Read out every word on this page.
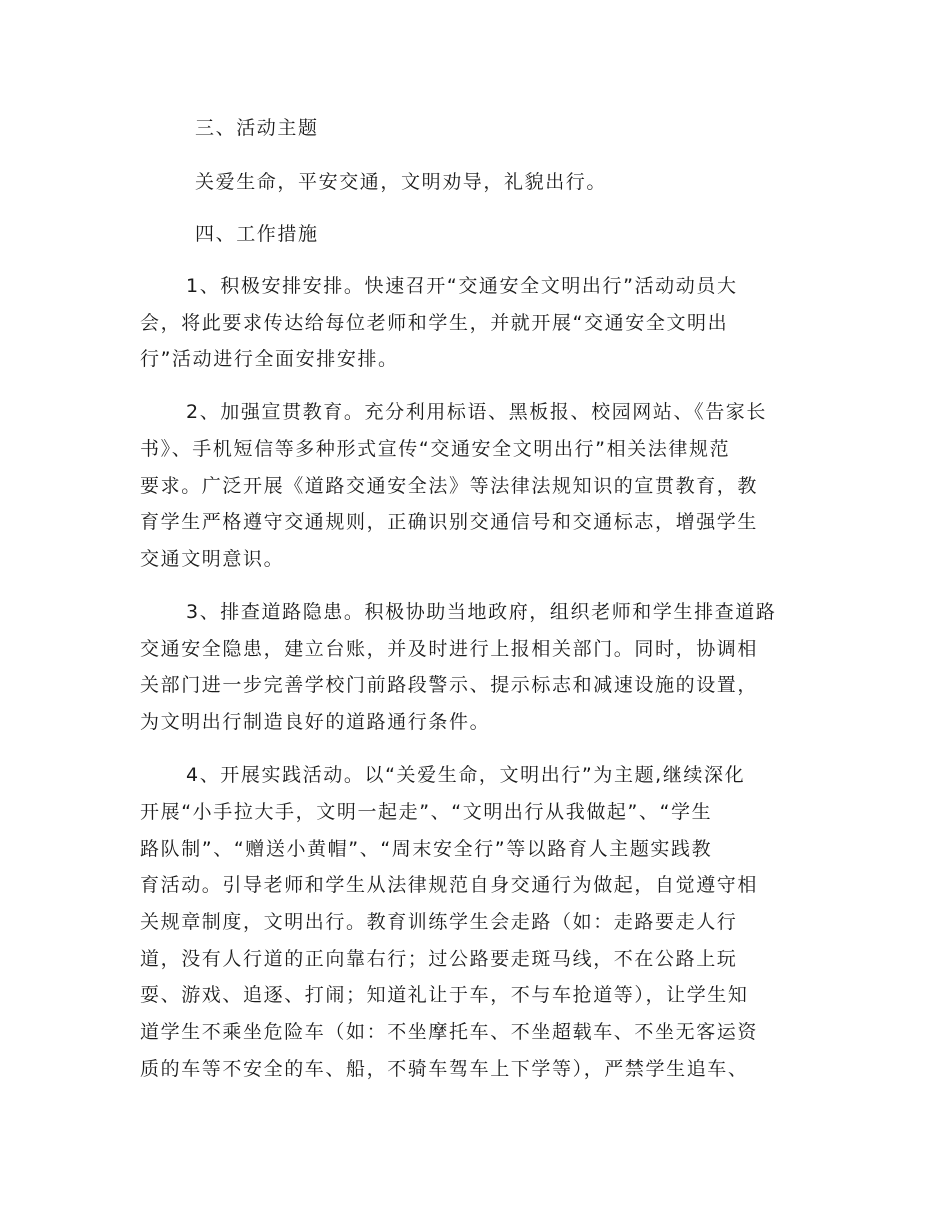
三、活动主题
关爱生命，平安交通，文明劝导，礼貌出行。
四、工作措施
1、积极安排安排。快速召开“交通安全文明出行”活动动员大
会，将此要求传达给每位老师和学生，并就开展“交通安全文明出
行”活动进行全面安排安排。
2、加强宣贯教育。充分利用标语、黑板报、校园网站、《告家长
书》、手机短信等多种形式宣传“交通安全文明出行”相关法律规范
要求。广泛开展《道路交通安全法》等法律法规知识的宣贯教育，教
育学生严格遵守交通规则，正确识别交通信号和交通标志，增强学生
交通文明意识。
3、排查道路隐患。积极协助当地政府，组织老师和学生排查道路
交通安全隐患，建立台账，并及时进行上报相关部门。同时，协调相
关部门进一步完善学校门前路段警示、提示标志和减速设施的设置，
为文明出行制造良好的道路通行条件。
4、开展实践活动。以“关爱生命，文明出行”为主题,继续深化
开展“小手拉大手，文明一起走”、“文明出行从我做起”、“学生
路队制”、“赠送小黄帽”、“周末安全行”等以路育人主题实践教
育活动。引导老师和学生从法律规范自身交通行为做起，自觉遵守相
关规章制度，文明出行。教育训练学生会走路（如：走路要走人行
道，没有人行道的正向靠右行；过公路要走斑马线，不在公路上玩
耍、游戏、追逐、打闹；知道礼让于车，不与车抢道等），让学生知
道学生不乘坐危险车（如：不坐摩托车、不坐超载车、不坐无客运资
质的车等不安全的车、船，不骑车驾车上下学等），严禁学生追车、
